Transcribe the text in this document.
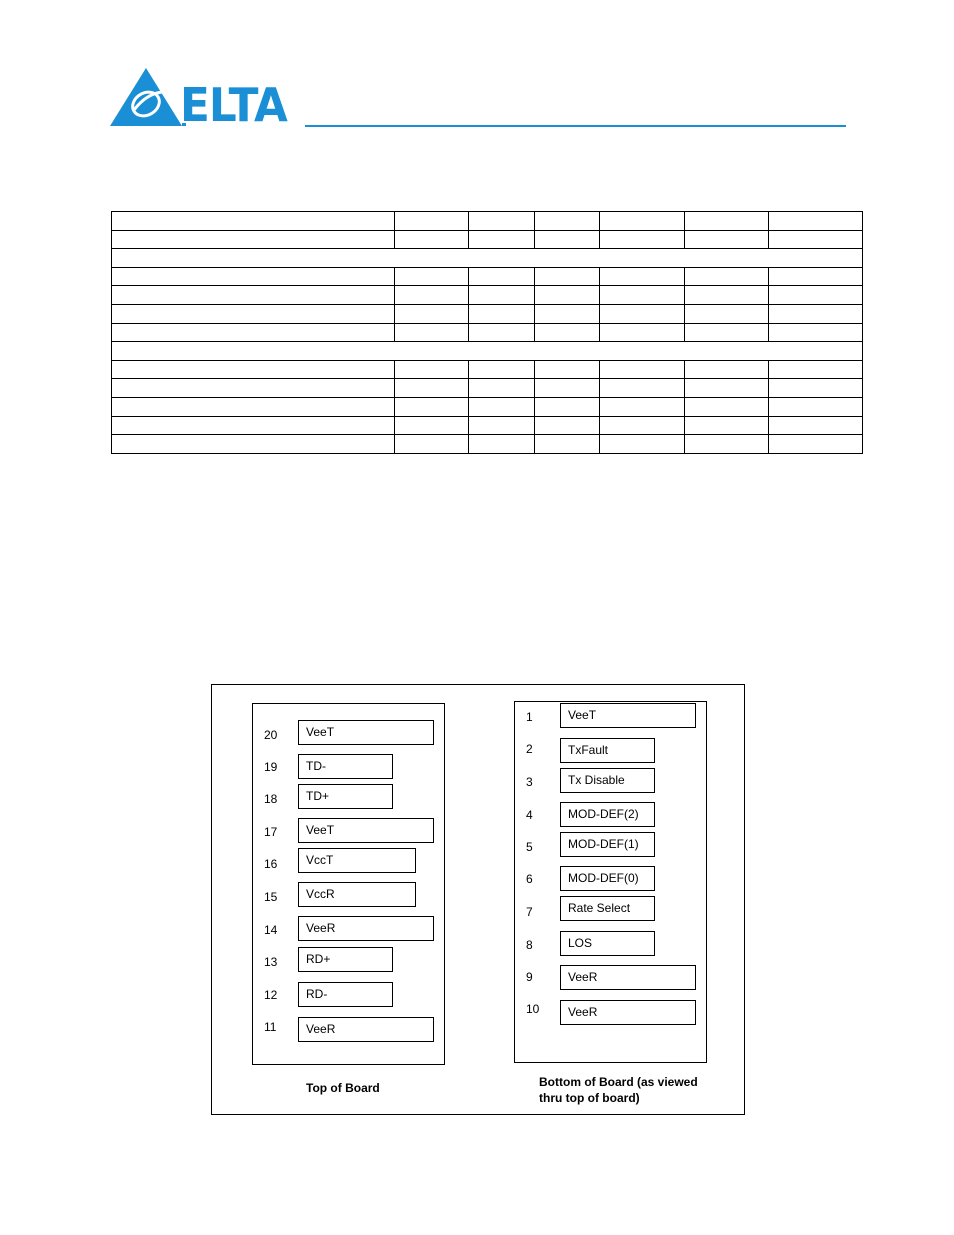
ELTA

20	VeeT
19	TD-
18	TD+
17	VeeT
16	VccT
15	VccR
14	VeeR
13	RD+
12	RD-
11	VeeR
1	VeeT
2	TxFault
3	Tx Disable
4	MOD-DEF(2)
5	MOD-DEF(1)
6	MOD-DEF(0)
7	Rate Select
8	LOS
9	VeeR
10	VeeR
Top of Board	Bottom of Board (as viewed
thru top of board)
